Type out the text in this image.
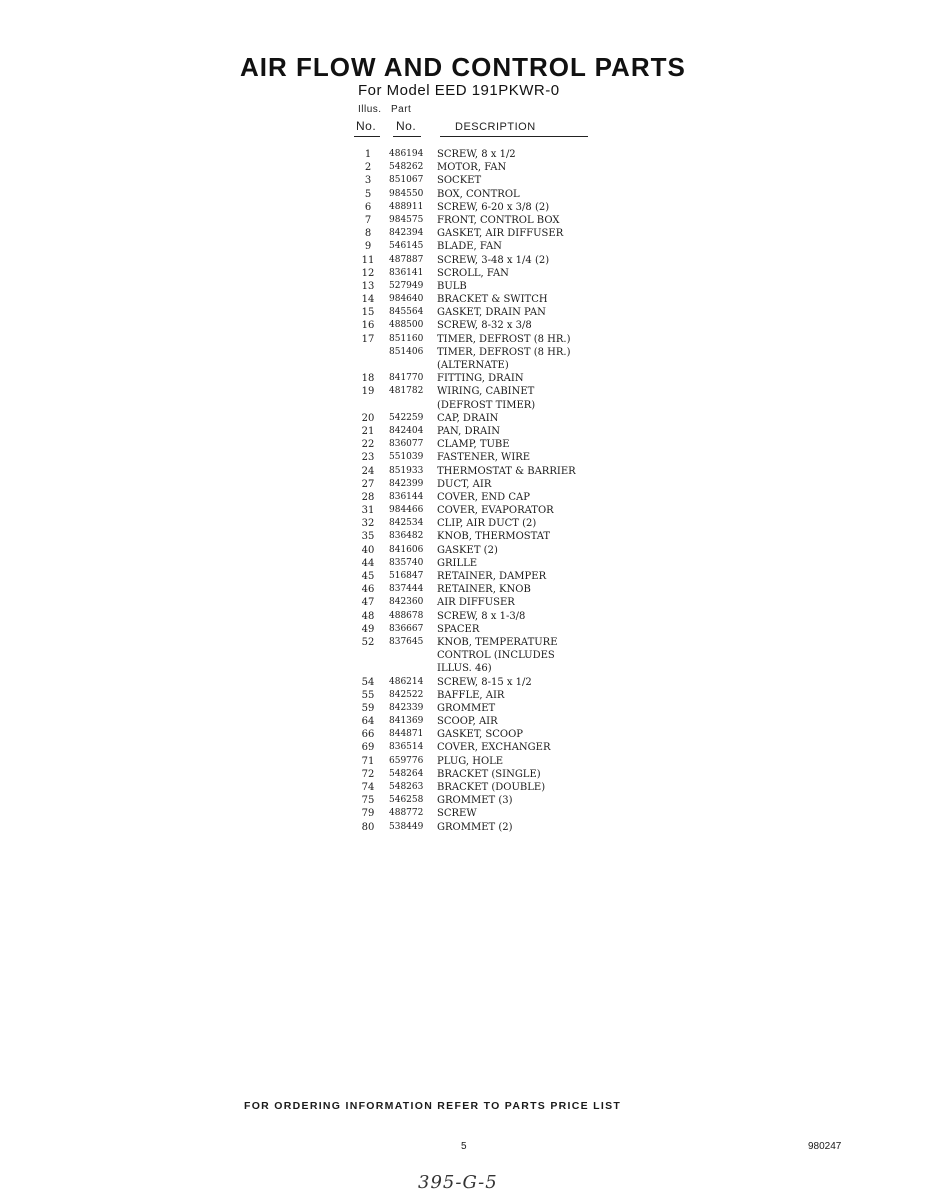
AIR FLOW AND CONTROL PARTS
For Model EED 191PKWR-0
Illus. Part
No. No.	DESCRIPTION
1	486194 SCREW, 8 x 1/2
2	548262 MOTOR, FAN
3	851067 SOCKET
5	984550 BOX, CONTROL
6	488911 SCREW, 6-20 x 3/8 (2)
7	984575 FRONT, CONTROL BOX
8	842394 GASKET, AIR DIFFUSER
9	546145 BLADE, FAN
11	487887 SCREW, 3-48 x 1/4 (2)
12	836141 SCROLL, FAN
13	527949 BULB
14	984640 BRACKET & SWITCH
15	845564 GASKET, DRAIN PAN
16	488500 SCREW, 8-32 x 3/8
17	851160 TIMER, DEFROST (8 HR.)
851406 TIMER, DEFROST (8 HR.)
(ALTERNATE)
18	841770 FITTING, DRAIN
19	481782 WIRING, CABINET
(DEFROST TIMER)
20	542259 CAP, DRAIN
21	842404 PAN, DRAIN
22	836077 CLAMP, TUBE
23	551039 FASTENER, WIRE
24	851933 THERMOSTAT & BARRIER
27	842399 DUCT, AIR
28	836144 COVER, END CAP
31	984466 COVER, EVAPORATOR
32	842534 CLIP, AIR DUCT (2)
35	836482 KNOB, THERMOSTAT
40	841606 GASKET (2)
44	835740 GRILLE
45	516847 RETAINER, DAMPER
46	837444 RETAINER, KNOB
47	842360 AIR DIFFUSER
48	488678 SCREW, 8 x 1-3/8
49	836667 SPACER
52	837645 KNOB, TEMPERATURE
CONTROL (INCLUDES
ILLUS. 46)
54	486214 SCREW, 8-15 x 1/2
55	842522 BAFFLE, AIR
59	842339 GROMMET
64	841369 SCOOP, AIR
66	844871 GASKET, SCOOP
69	836514 COVER, EXCHANGER
71	659776 PLUG, HOLE
72	548264 BRACKET (SINGLE)
74	548263 BRACKET (DOUBLE)
75	546258 GROMMET (3)
79	488772 SCREW
80	538449 GROMMET (2)
FOR ORDERING INFORMATION REFER TO PARTS PRICE LIST
5	980247
395-G-5
